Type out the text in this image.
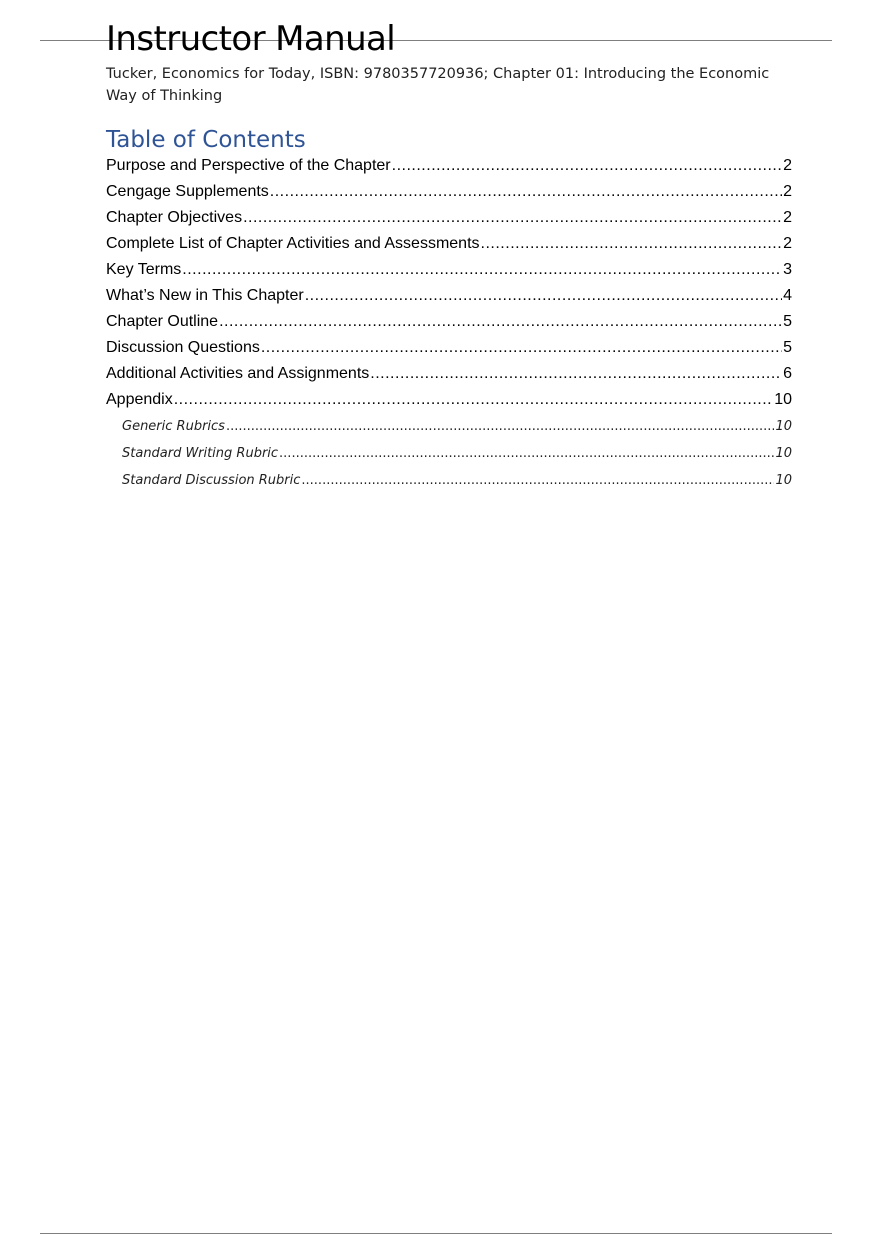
Instructor Manual

Tucker, Economics for Today, ISBN: 9780357720936; Chapter 01: Introducing the Economic Way of Thinking

Table of Contents
Purpose and Perspective of the Chapter .....	2
Cengage Supplements .....	2
Chapter Objectives .....	2
Complete List of Chapter Activities and Assessments .....	2
Key Terms .....	3
What’s New in This Chapter .....	4
Chapter Outline .....	5
Discussion Questions .....	5
Additional Activities and Assignments .....	6
Appendix .....	10
Generic Rubrics .....	10
Standard Writing Rubric .....	10
Standard Discussion Rubric .....	10
